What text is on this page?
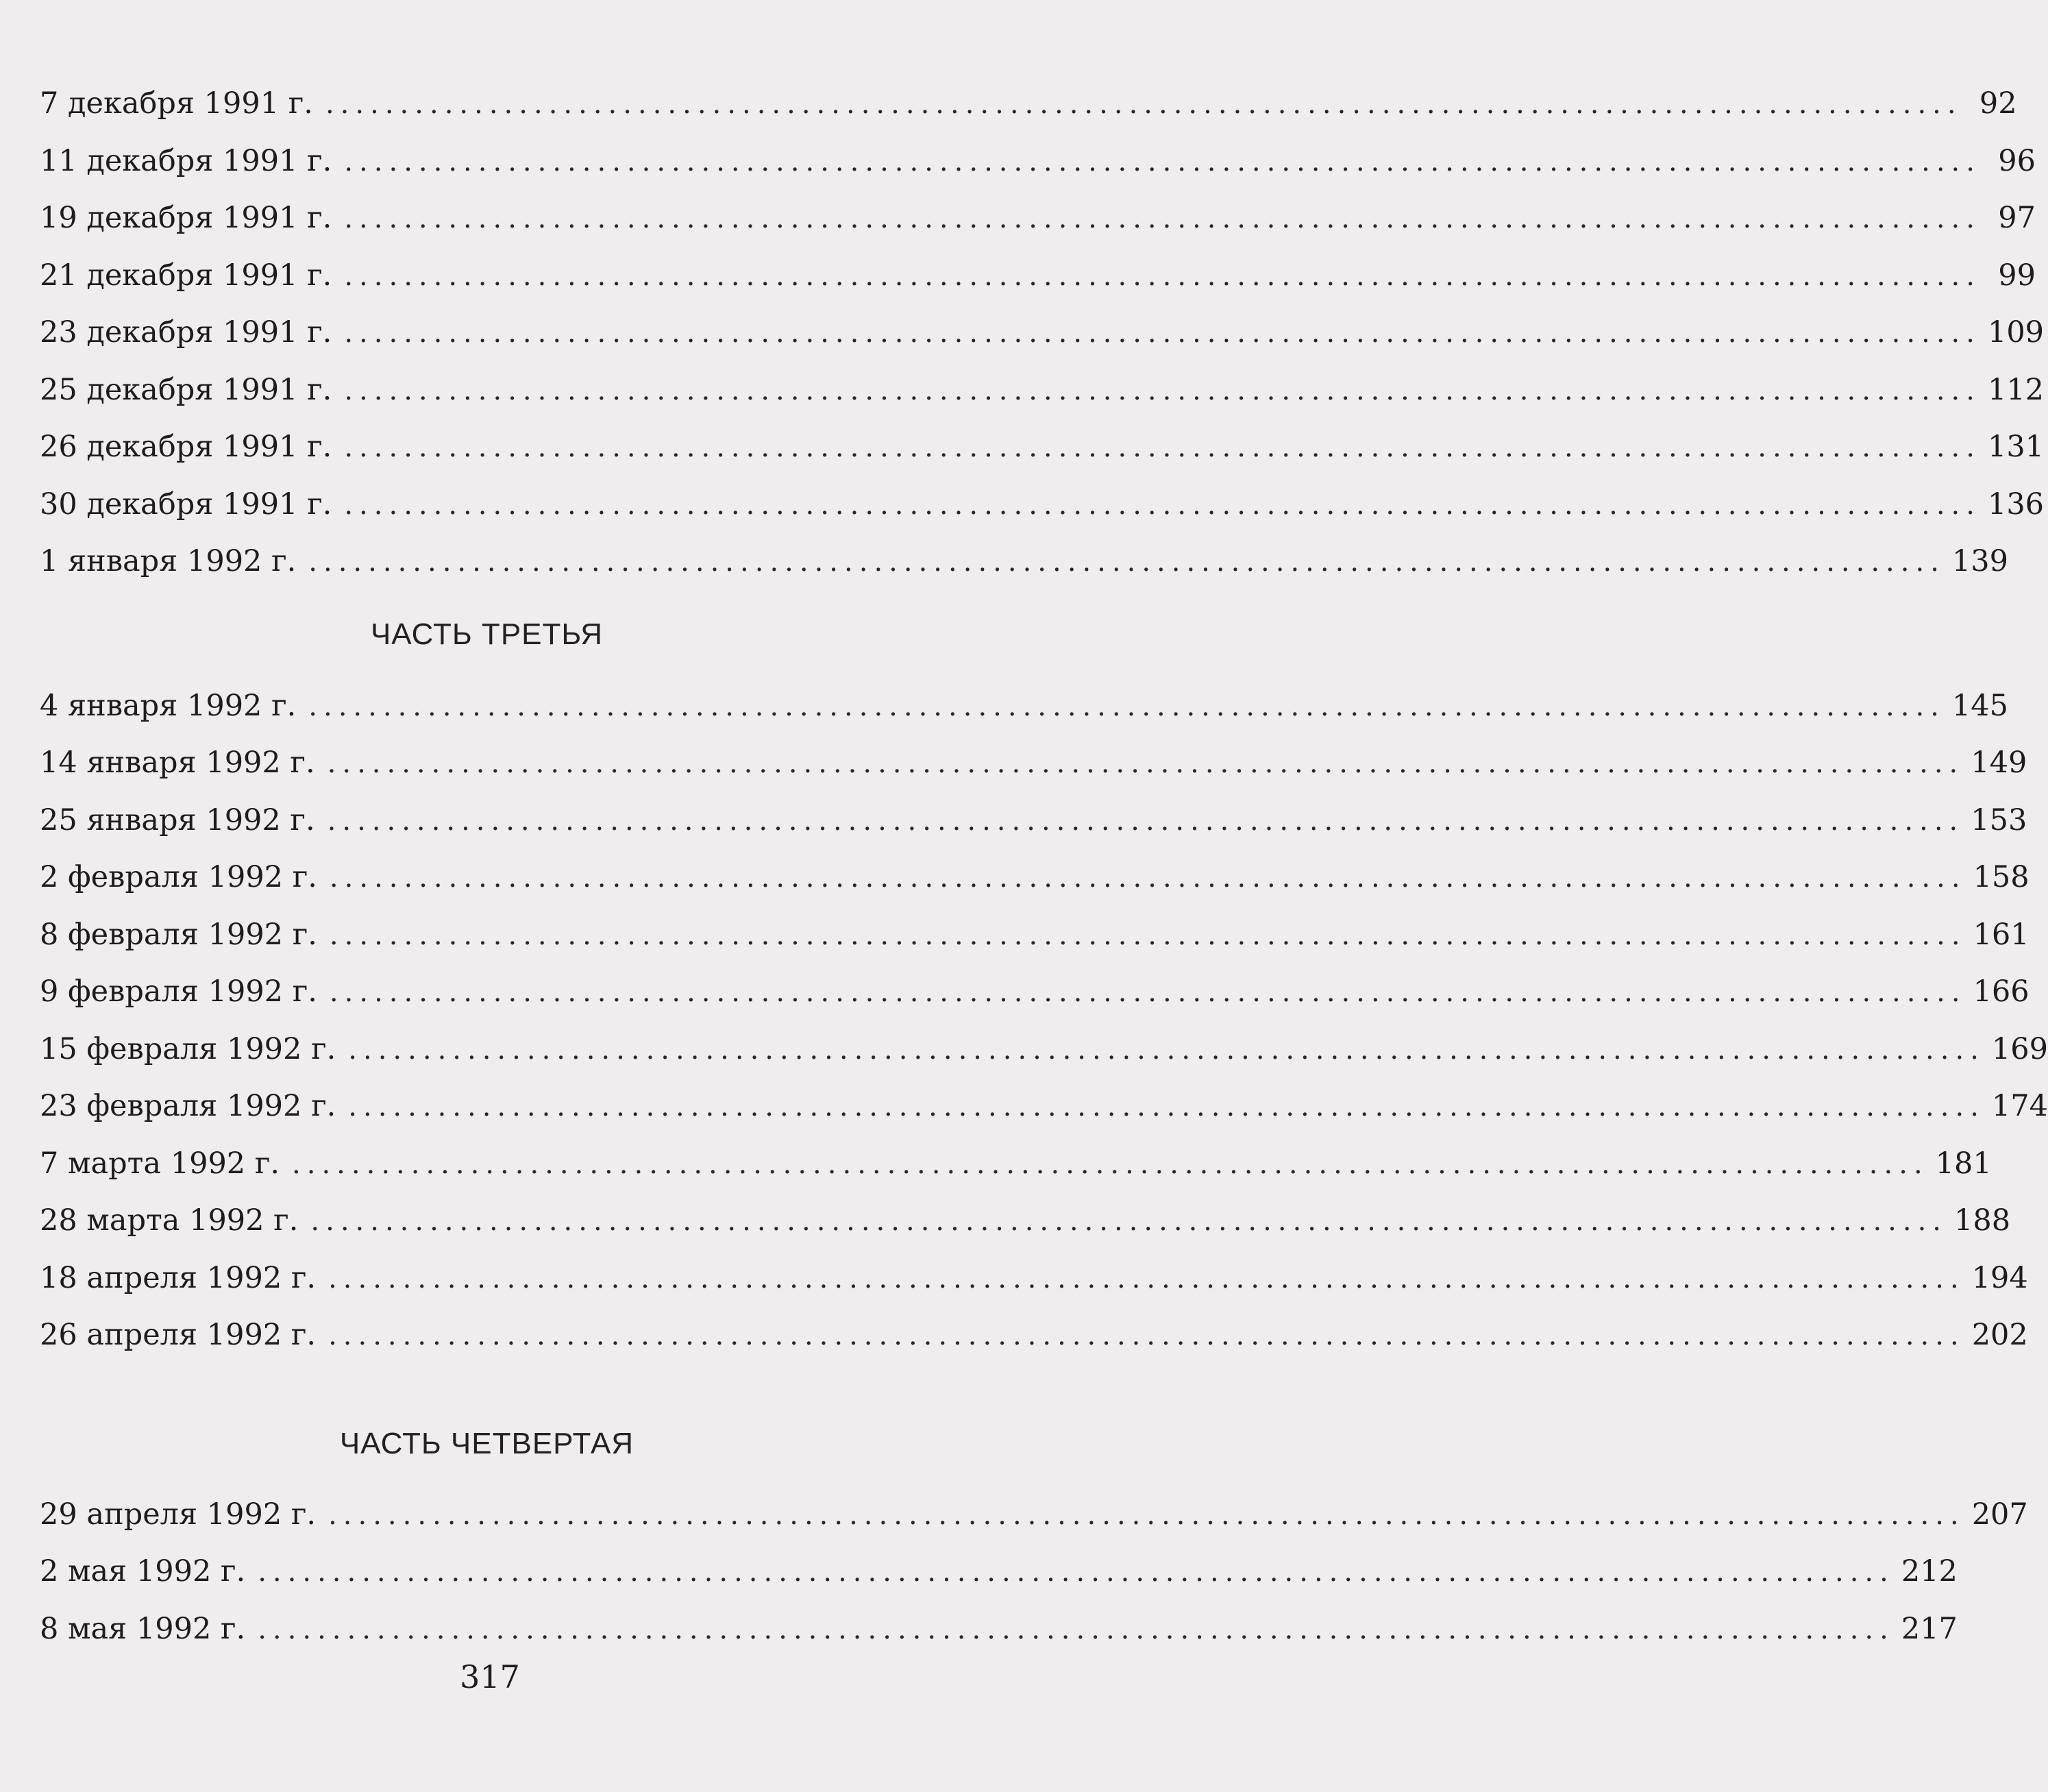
7 декабря 1991 г. .............................................................................................................. 92
11 декабря 1991 г. .............................................................................................................. 96
19 декабря 1991 г. .............................................................................................................. 97
21 декабря 1991 г. .............................................................................................................. 99
23 декабря 1991 г. .............................................................................................................. 109
25 декабря 1991 г. .............................................................................................................. 112
26 декабря 1991 г. .............................................................................................................. 131
30 декабря 1991 г. .............................................................................................................. 136
1 января 1992 г. .............................................................................................................. 139
ЧАСТЬ ТРЕТЬЯ
4 января 1992 г. .............................................................................................................. 145
14 января 1992 г. .............................................................................................................. 149
25 января 1992 г. .............................................................................................................. 153
2 февраля 1992 г. .............................................................................................................. 158
8 февраля 1992 г. .............................................................................................................. 161
9 февраля 1992 г. .............................................................................................................. 166
15 февраля 1992 г. .............................................................................................................. 169
23 февраля 1992 г. .............................................................................................................. 174
7 марта 1992 г. .............................................................................................................. 181
28 марта 1992 г. .............................................................................................................. 188
18 апреля 1992 г. .............................................................................................................. 194
26 апреля 1992 г. .............................................................................................................. 202
ЧАСТЬ ЧЕТВЕРТАЯ
29 апреля 1992 г. .............................................................................................................. 207
2 мая 1992 г. .............................................................................................................. 212
8 мая 1992 г. .............................................................................................................. 217
317
